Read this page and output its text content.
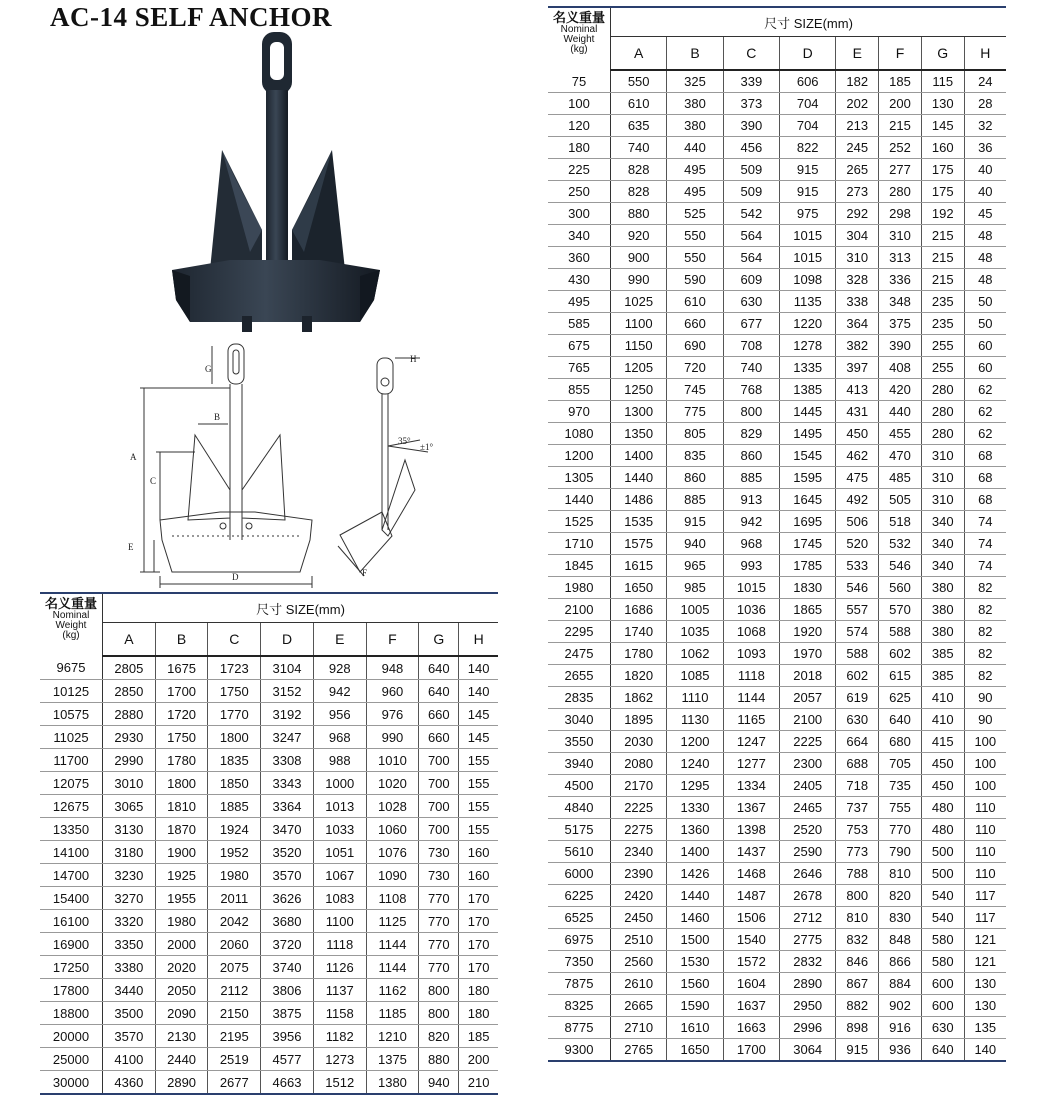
AC-14 SELF ANCHOR
G
B
A
C
E
D
H
35°
±1°
F
名义重量
Nominal
Weight
(kg)	尺寸 SIZE(mm)							
	A	B	C	D	E	F	G	H
9675	2805	1675	1723	3104	928	948	640	140
10125	2850	1700	1750	3152	942	960	640	140
10575	2880	1720	1770	3192	956	976	660	145
11025	2930	1750	1800	3247	968	990	660	145
11700	2990	1780	1835	3308	988	1010	700	155
12075	3010	1800	1850	3343	1000	1020	700	155
12675	3065	1810	1885	3364	1013	1028	700	155
13350	3130	1870	1924	3470	1033	1060	700	155
14100	3180	1900	1952	3520	1051	1076	730	160
14700	3230	1925	1980	3570	1067	1090	730	160
15400	3270	1955	2011	3626	1083	1108	770	170
16100	3320	1980	2042	3680	1100	1125	770	170
16900	3350	2000	2060	3720	1118	1144	770	170
17250	3380	2020	2075	3740	1126	1144	770	170
17800	3440	2050	2112	3806	1137	1162	800	180
18800	3500	2090	2150	3875	1158	1185	800	180
20000	3570	2130	2195	3956	1182	1210	820	185
25000	4100	2440	2519	4577	1273	1375	880	200
30000	4360	2890	2677	4663	1512	1380	940	210
名义重量
Nominal
Weight
(kg)	尺寸 SIZE(mm)							
	A	B	C	D	E	F	G	H
75	550	325	339	606	182	185	115	24
100	610	380	373	704	202	200	130	28
120	635	380	390	704	213	215	145	32
180	740	440	456	822	245	252	160	36
225	828	495	509	915	265	277	175	40
250	828	495	509	915	273	280	175	40
300	880	525	542	975	292	298	192	45
340	920	550	564	1015	304	310	215	48
360	900	550	564	1015	310	313	215	48
430	990	590	609	1098	328	336	215	48
495	1025	610	630	1135	338	348	235	50
585	1100	660	677	1220	364	375	235	50
675	1150	690	708	1278	382	390	255	60
765	1205	720	740	1335	397	408	255	60
855	1250	745	768	1385	413	420	280	62
970	1300	775	800	1445	431	440	280	62
1080	1350	805	829	1495	450	455	280	62
1200	1400	835	860	1545	462	470	310	68
1305	1440	860	885	1595	475	485	310	68
1440	1486	885	913	1645	492	505	310	68
1525	1535	915	942	1695	506	518	340	74
1710	1575	940	968	1745	520	532	340	74
1845	1615	965	993	1785	533	546	340	74
1980	1650	985	1015	1830	546	560	380	82
2100	1686	1005	1036	1865	557	570	380	82
2295	1740	1035	1068	1920	574	588	380	82
2475	1780	1062	1093	1970	588	602	385	82
2655	1820	1085	1118	2018	602	615	385	82
2835	1862	1110	1144	2057	619	625	410	90
3040	1895	1130	1165	2100	630	640	410	90
3550	2030	1200	1247	2225	664	680	415	100
3940	2080	1240	1277	2300	688	705	450	100
4500	2170	1295	1334	2405	718	735	450	100
4840	2225	1330	1367	2465	737	755	480	110
5175	2275	1360	1398	2520	753	770	480	110
5610	2340	1400	1437	2590	773	790	500	110
6000	2390	1426	1468	2646	788	810	500	110
6225	2420	1440	1487	2678	800	820	540	117
6525	2450	1460	1506	2712	810	830	540	117
6975	2510	1500	1540	2775	832	848	580	121
7350	2560	1530	1572	2832	846	866	580	121
7875	2610	1560	1604	2890	867	884	600	130
8325	2665	1590	1637	2950	882	902	600	130
8775	2710	1610	1663	2996	898	916	630	135
9300	2765	1650	1700	3064	915	936	640	140
